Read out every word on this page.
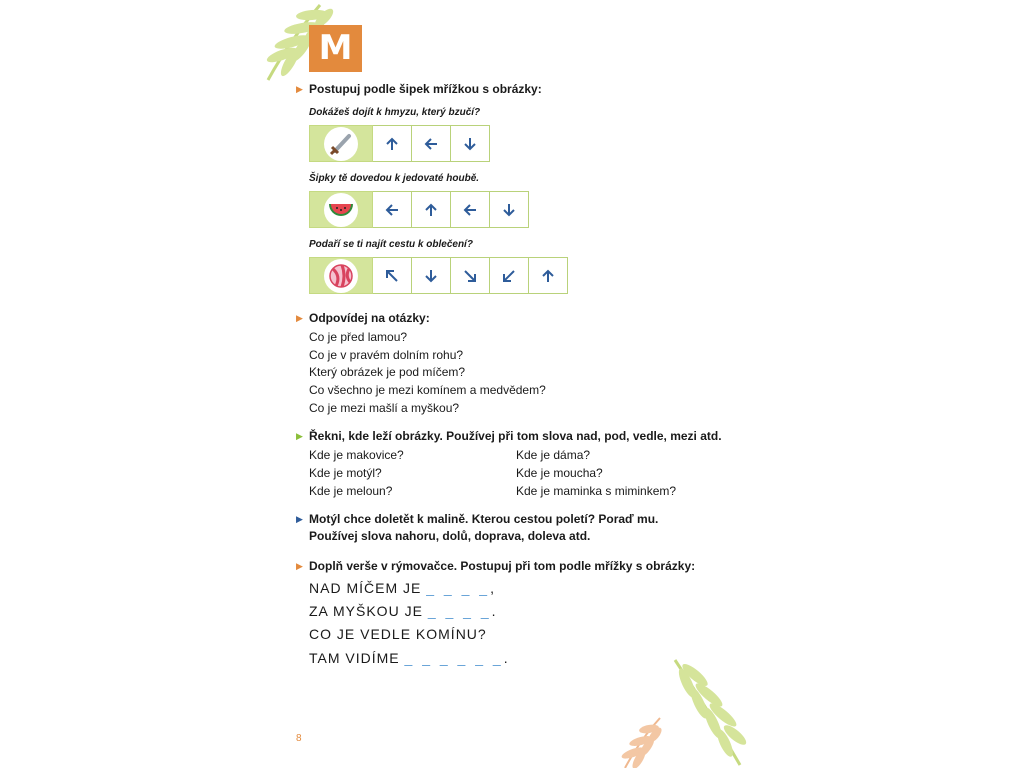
M
▶ Postupuj podle šipek mřížkou s obrázky:
Dokážeš dojít k hmyzu, který bzučí?
Šipky tě dovedou k jedovaté houbě.
Podaří se ti najít cestu k oblečení?
▶ Odpovídej na otázky:
Co je před lamou?
Co je v pravém dolním rohu?
Který obrázek je pod míčem?
Co všechno je mezi komínem a medvědem?
Co je mezi mašlí a myškou?
▶ Řekni, kde leží obrázky. Používej při tom slova nad, pod, vedle, mezi atd.
Kde je makovice?
Kde je motýl?
Kde je meloun?
Kde je dáma?
Kde je moucha?
Kde je maminka s miminkem?
▶ Motýl chce doletět k malině. Kterou cestou poletí? Poraď mu.
Používej slova nahoru, dolů, doprava, doleva atd.
▶ Doplň verše v rýmovačce. Postupuj při tom podle mřížky s obrázky:
NAD MÍČEM JE _ _ _ _,
ZA MYŠKOU JE _ _ _ _.
CO JE VEDLE KOMÍNU?
TAM VIDÍME _ _ _ _ _ _.
8
